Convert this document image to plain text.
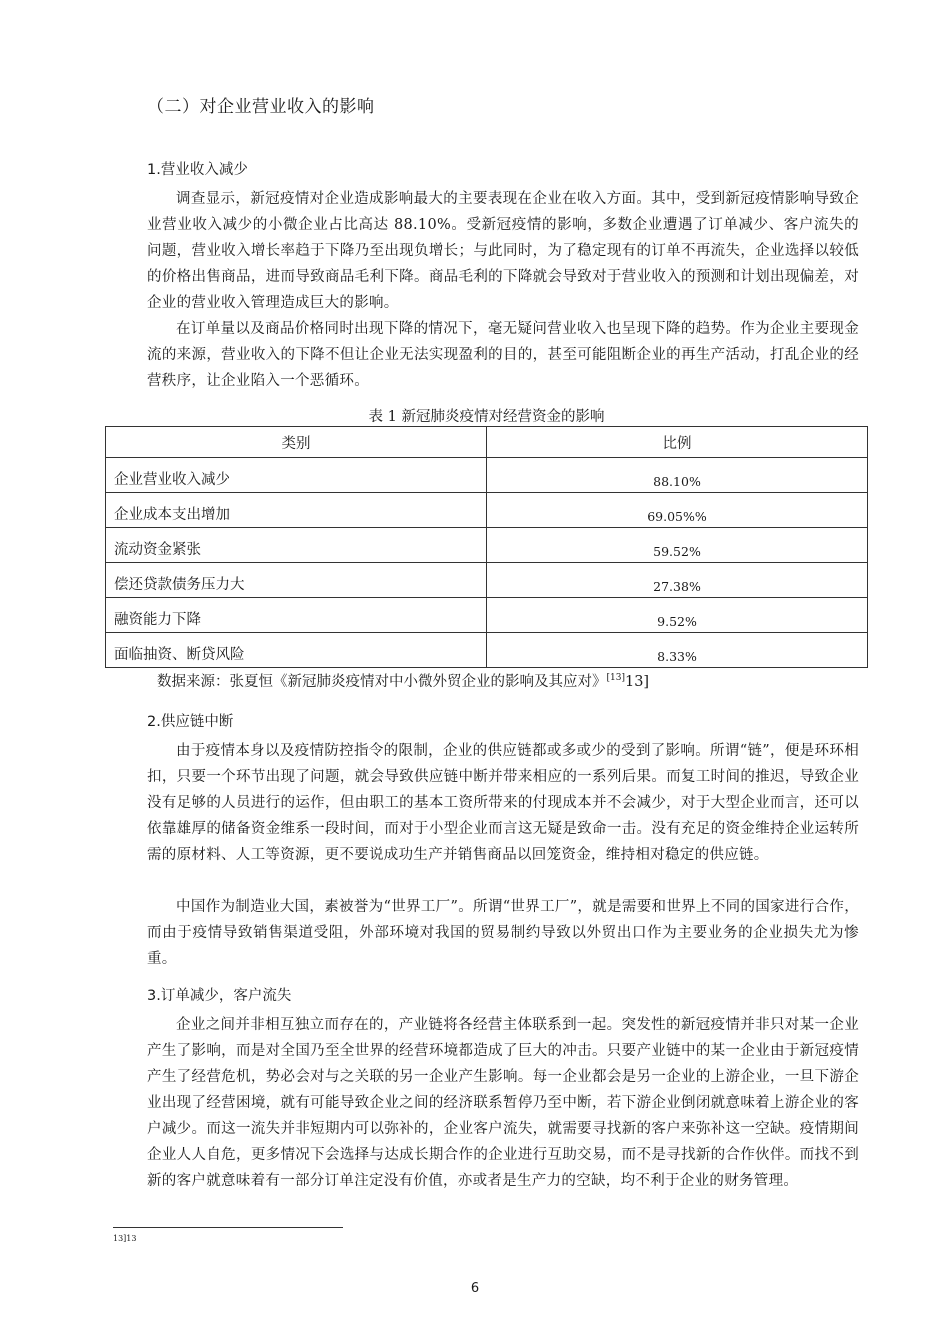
（二）对企业营业收入的影响
1.营业收入减少

调查显示，新冠疫情对企业造成影响最大的主要表现在企业在收入方面。其中，受到新冠疫情影响导致企业营业收入减少的小微企业占比高达 88.10%。受新冠疫情的影响，多数企业遭遇了订单减少、客户流失的问题，营业收入增长率趋于下降乃至出现负增长；与此同时，为了稳定现有的订单不再流失，企业选择以较低的价格出售商品，进而导致商品毛利下降。商品毛利的下降就会导致对于营业收入的预测和计划出现偏差，对企业的营业收入管理造成巨大的影响。

在订单量以及商品价格同时出现下降的情况下，毫无疑问营业收入也呈现下降的趋势。作为企业主要现金流的来源，营业收入的下降不但让企业无法实现盈利的目的，甚至可能阻断企业的再生产活动，打乱企业的经营秩序，让企业陷入一个恶循环。

表 1 新冠肺炎疫情对经营资金的影响
类别	比例
企业营业收入减少	88.10%
企业成本支出增加	69.05%%
流动资金紧张	59.52%
偿还贷款债务压力大	27.38%
融资能力下降	9.52%
面临抽资、断贷风险	8.33%
数据来源：张夏恒《新冠肺炎疫情对中小微外贸企业的影响及其应对》[13]13]
2.供应链中断

由于疫情本身以及疫情防控指令的限制，企业的供应链都或多或少的受到了影响。所谓“链”，便是环环相扣，只要一个环节出现了问题，就会导致供应链中断并带来相应的一系列后果。而复工时间的推迟，导致企业没有足够的人员进行的运作，但由职工的基本工资所带来的付现成本并不会减少，对于大型企业而言，还可以依靠雄厚的储备资金维系一段时间，而对于小型企业而言这无疑是致命一击。没有充足的资金维持企业运转所需的原材料、人工等资源，更不要说成功生产并销售商品以回笼资金，维持相对稳定的供应链。

中国作为制造业大国，素被誉为“世界工厂”。所谓“世界工厂”，就是需要和世界上不同的国家进行合作，而由于疫情导致销售渠道受阻，外部环境对我国的贸易制约导致以外贸出口作为主要业务的企业损失尤为惨重。

3.订单减少，客户流失

企业之间并非相互独立而存在的，产业链将各经营主体联系到一起。突发性的新冠疫情并非只对某一企业产生了影响，而是对全国乃至全世界的经营环境都造成了巨大的冲击。只要产业链中的某一企业由于新冠疫情产生了经营危机，势必会对与之关联的另一企业产生影响。每一企业都会是另一企业的上游企业，一旦下游企业出现了经营困境，就有可能导致企业之间的经济联系暂停乃至中断，若下游企业倒闭就意味着上游企业的客户减少。而这一流失并非短期内可以弥补的，企业客户流失，就需要寻找新的客户来弥补这一空缺。疫情期间企业人人自危，更多情况下会选择与达成长期合作的企业进行互助交易，而不是寻找新的合作伙伴。而找不到新的客户就意味着有一部分订单注定没有价值，亦或者是生产力的空缺，均不利于企业的财务管理。

13]13
6
